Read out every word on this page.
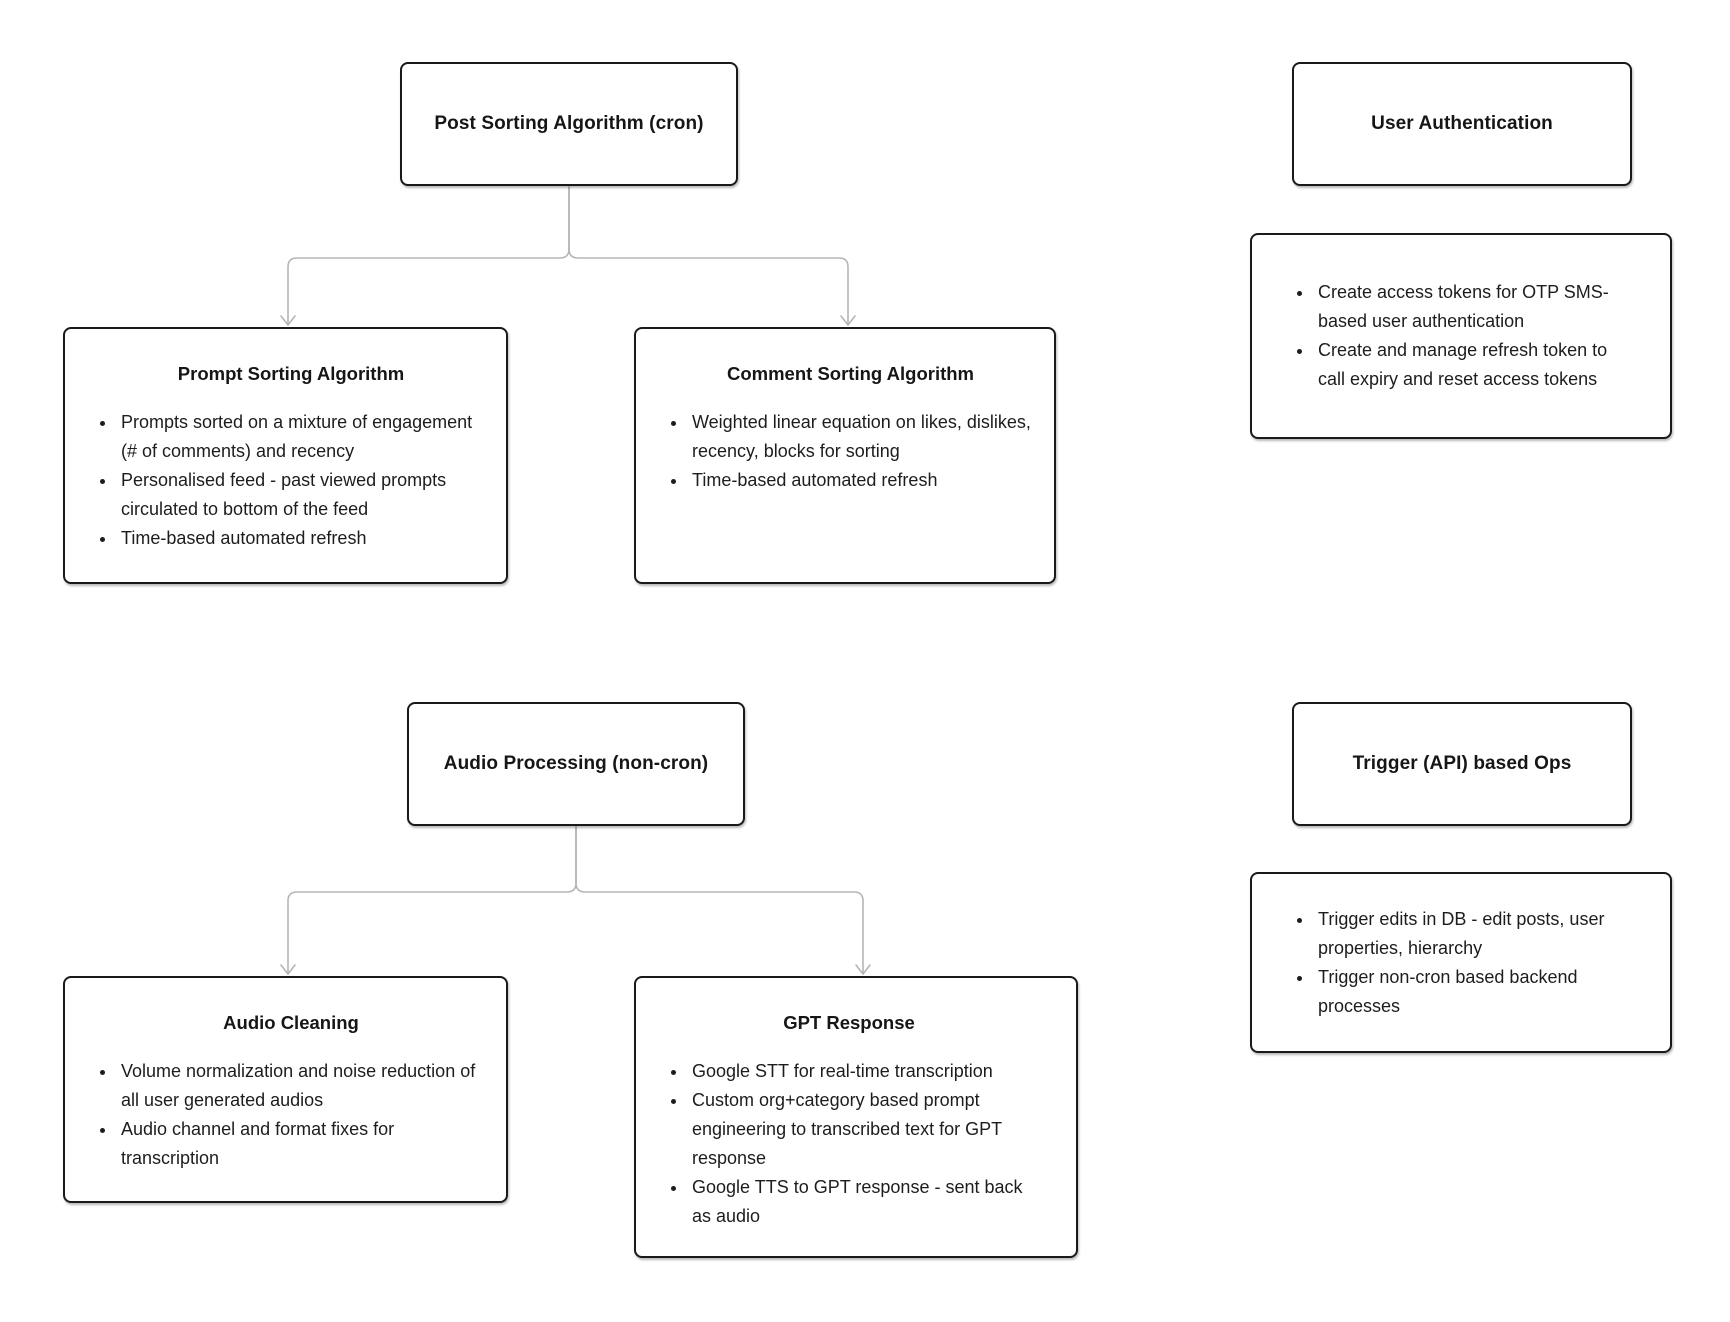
Post Sorting Algorithm (cron)	User Authentication
Prompt Sorting Algorithm
• Prompts sorted on a mixture of engagement (# of comments) and recency
• Personalised feed - past viewed prompts circulated to bottom of the feed
• Time-based automated refresh
Comment Sorting Algorithm
• Weighted linear equation on likes, dislikes, recency, blocks for sorting
• Time-based automated refresh
• Create access tokens for OTP SMS-based user authentication
• Create and manage refresh token to call expiry and reset access tokens
Audio Processing (non-cron)	Trigger (API) based Ops
• Trigger edits in DB - edit posts, user properties, hierarchy
• Trigger non-cron based backend processes
Audio Cleaning
• Volume normalization and noise reduction of all user generated audios
• Audio channel and format fixes for transcription
GPT Response
• Google STT for real-time transcription
• Custom org+category based prompt engineering to transcribed text for GPT response
• Google TTS to GPT response - sent back as audio
